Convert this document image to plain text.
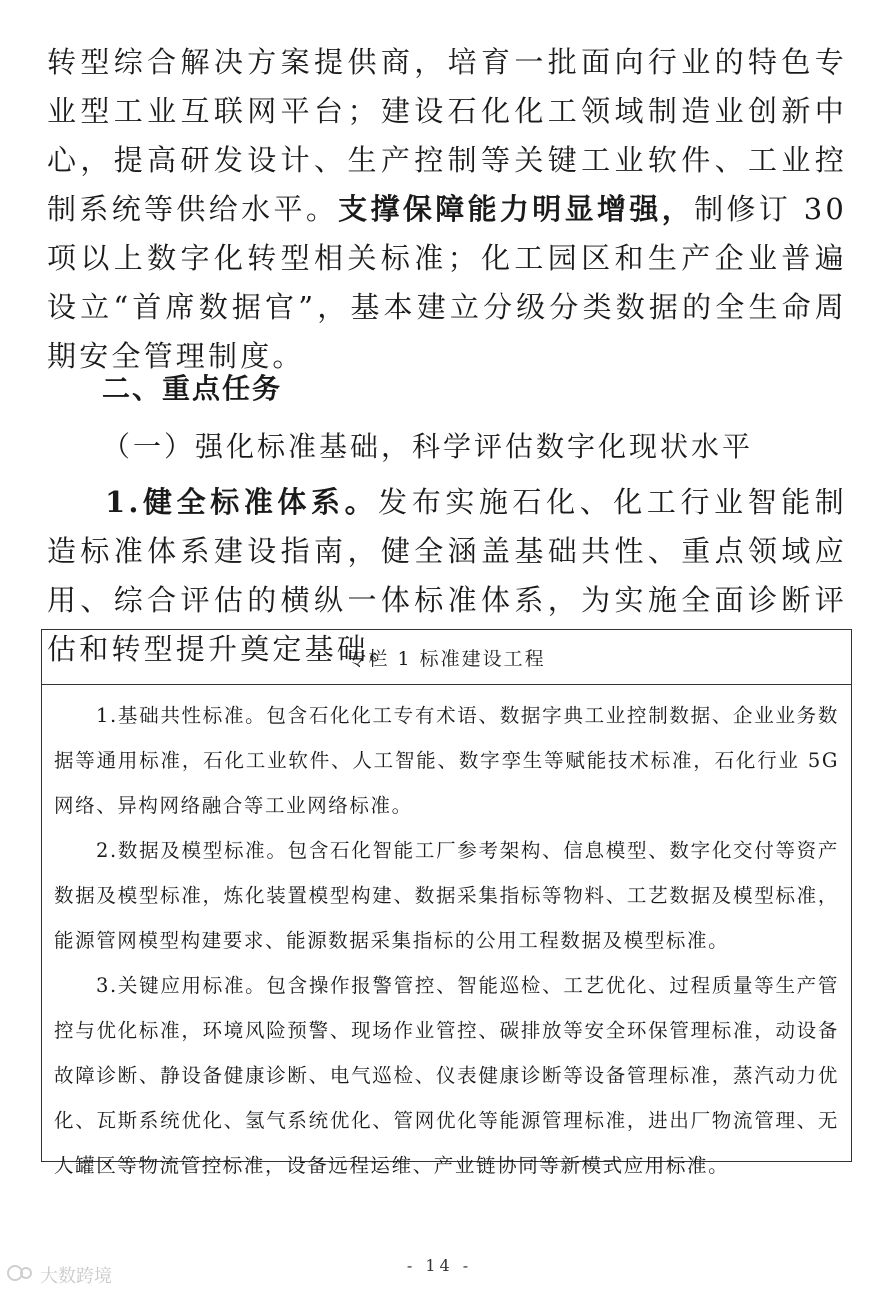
转型综合解决方案提供商，培育一批面向行业的特色专业型工业互联网平台；建设石化化工领域制造业创新中心，提高研发设计、生产控制等关键工业软件、工业控制系统等供给水平。支撑保障能力明显增强，制修订 30 项以上数字化转型相关标准；化工园区和生产企业普遍设立“首席数据官”，基本建立分级分类数据的全生命周期安全管理制度。

二、重点任务

（一）强化标准基础，科学评估数字化现状水平

1.健全标准体系。发布实施石化、化工行业智能制造标准体系建设指南，健全涵盖基础共性、重点领域应用、综合评估的横纵一体标准体系，为实施全面诊断评估和转型提升奠定基础。

专栏 1 标准建设工程

1.基础共性标准。包含石化化工专有术语、数据字典工业控制数据、企业业务数据等通用标准，石化工业软件、人工智能、数字孪生等赋能技术标准，石化行业 5G 网络、异构网络融合等工业网络标准。

2.数据及模型标准。包含石化智能工厂参考架构、信息模型、数字化交付等资产数据及模型标准，炼化装置模型构建、数据采集指标等物料、工艺数据及模型标准，能源管网模型构建要求、能源数据采集指标的公用工程数据及模型标准。

3.关键应用标准。包含操作报警管控、智能巡检、工艺优化、过程质量等生产管控与优化标准，环境风险预警、现场作业管控、碳排放等安全环保管理标准，动设备故障诊断、静设备健康诊断、电气巡检、仪表健康诊断等设备管理标准，蒸汽动力优化、瓦斯系统优化、氢气系统优化、管网优化等能源管理标准，进出厂物流管理、无人罐区等物流管控标准，设备远程运维、产业链协同等新模式应用标准。

- 14 -
大数跨境
